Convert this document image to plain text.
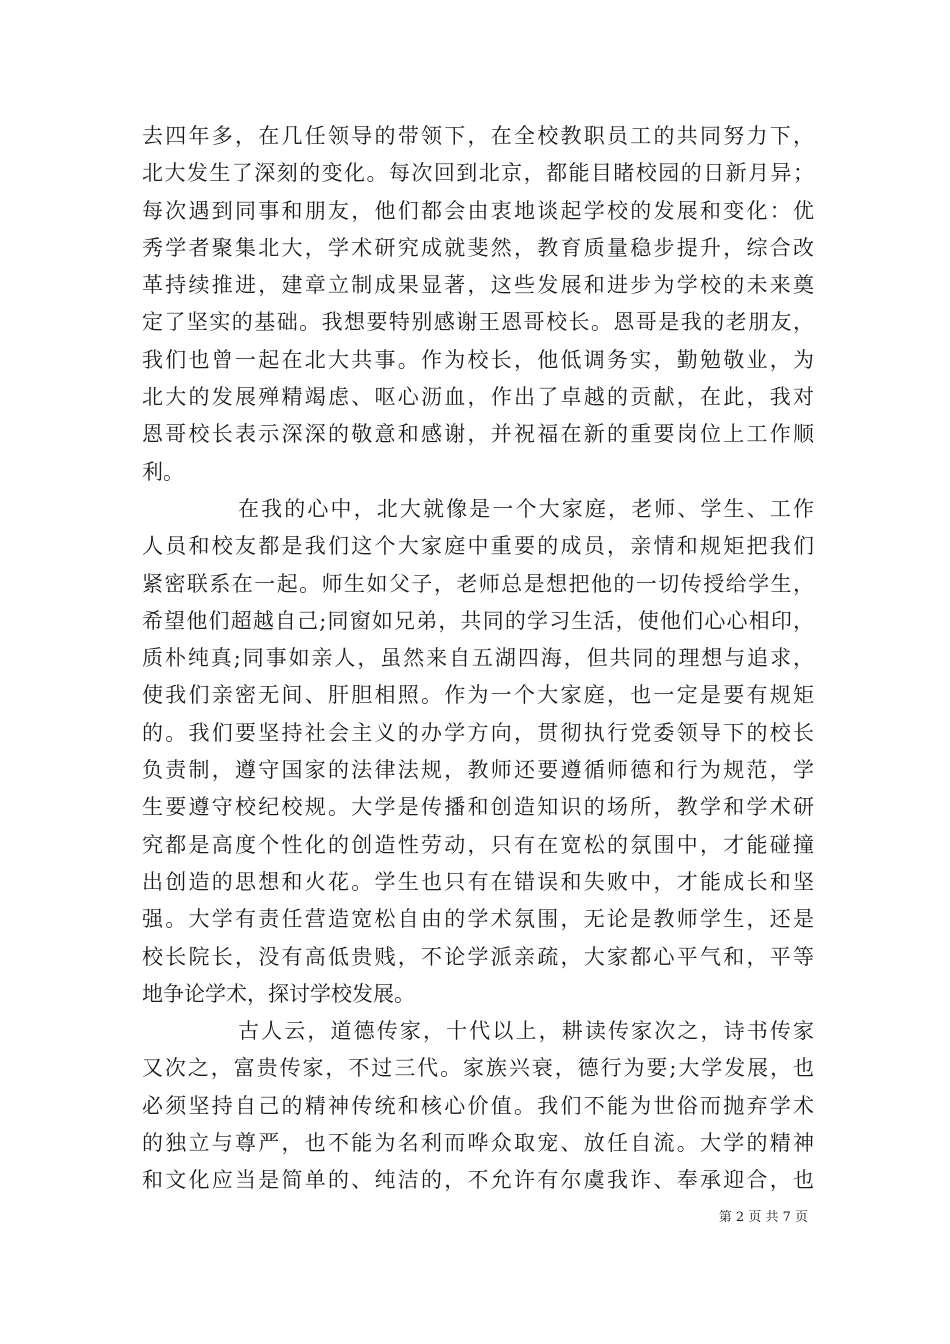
去四年多，在几任领导的带领下，在全校教职员工的共同努力下，
北大发生了深刻的变化。每次回到北京，都能目睹校园的日新月异；
每次遇到同事和朋友，他们都会由衷地谈起学校的发展和变化：优
秀学者聚集北大，学术研究成就斐然，教育质量稳步提升，综合改
革持续推进，建章立制成果显著，这些发展和进步为学校的未来奠
定了坚实的基础。我想要特别感谢王恩哥校长。恩哥是我的老朋友，
我们也曾一起在北大共事。作为校长，他低调务实，勤勉敬业，为
北大的发展殚精竭虑、呕心沥血，作出了卓越的贡献，在此，我对
恩哥校长表示深深的敬意和感谢，并祝福在新的重要岗位上工作顺
利。
在我的心中，北大就像是一个大家庭，老师、学生、工作
人员和校友都是我们这个大家庭中重要的成员，亲情和规矩把我们
紧密联系在一起。师生如父子，老师总是想把他的一切传授给学生，
希望他们超越自己;同窗如兄弟，共同的学习生活，使他们心心相印，
质朴纯真;同事如亲人，虽然来自五湖四海，但共同的理想与追求，
使我们亲密无间、肝胆相照。作为一个大家庭，也一定是要有规矩
的。我们要坚持社会主义的办学方向，贯彻执行党委领导下的校长
负责制，遵守国家的法律法规，教师还要遵循师德和行为规范，学
生要遵守校纪校规。大学是传播和创造知识的场所，教学和学术研
究都是高度个性化的创造性劳动，只有在宽松的氛围中，才能碰撞
出创造的思想和火花。学生也只有在错误和失败中，才能成长和坚
强。大学有责任营造宽松自由的学术氛围，无论是教师学生，还是
校长院长，没有高低贵贱，不论学派亲疏，大家都心平气和，平等
地争论学术，探讨学校发展。
古人云，道德传家，十代以上，耕读传家次之，诗书传家
又次之，富贵传家，不过三代。家族兴衰，德行为要;大学发展，也
必须坚持自己的精神传统和核心价值。我们不能为世俗而抛弃学术
的独立与尊严，也不能为名利而哗众取宠、放任自流。大学的精神
和文化应当是简单的、纯洁的，不允许有尔虞我诈、奉承迎合，也
第 2 页 共 7 页
